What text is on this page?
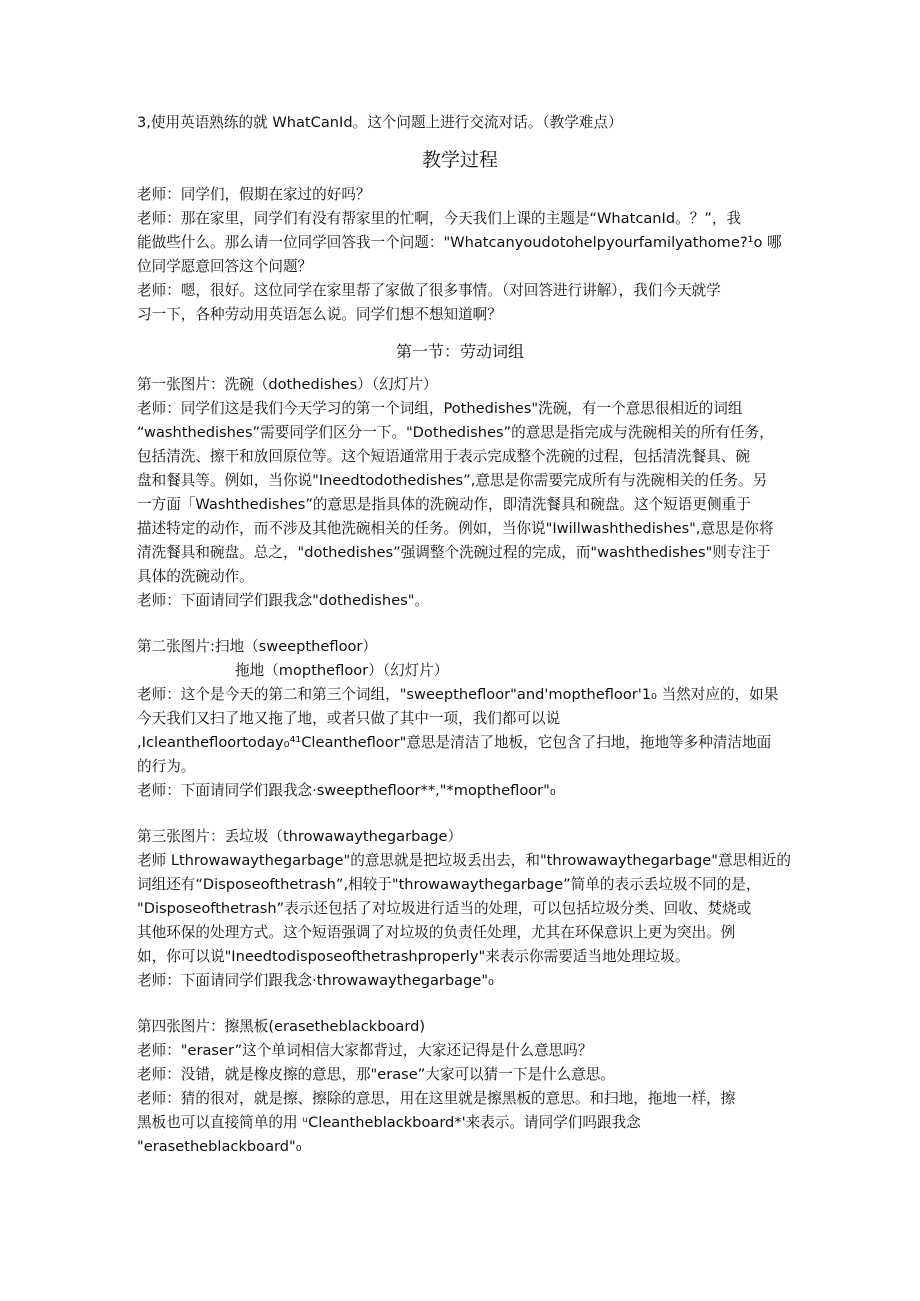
3,使用英语熟练的就 WhatCanId。这个问题上进行交流对话。（教学难点）
教学过程
老师：同学们，假期在家过的好吗？
老师：那在家里，同学们有没有帮家里的忙啊，今天我们上课的主题是“WhatcanId。？”，我
能做些什么。那么请一位同学回答我一个问题："Whatcanyoudotohelpyourfamilyathome?¹o 哪
位同学愿意回答这个问题？
老师：嗯，很好。这位同学在家里帮了家做了很多事情。（对回答进行讲解），我们今天就学
习一下，各种劳动用英语怎么说。同学们想不想知道啊？
第一节：劳动词组
第一张图片：洗碗（dothedishes）（幻灯片）
老师：同学们这是我们今天学习的第一个词组，Pothedishes"洗碗，有一个意思很相近的词组
“washthedishes”需要同学们区分一下。"Dothedishes”的意思是指完成与洗碗相关的所有任务，
包括清洗、擦干和放回原位等。这个短语通常用于表示完成整个洗碗的过程，包括清洗餐具、碗
盘和餐具等。例如，当你说"Ineedtodothedishes”,意思是你需要完成所有与洗碗相关的任务。另
一方面「Washthedishes”的意思是指具体的洗碗动作，即清洗餐具和碗盘。这个短语更侧重于
描述特定的动作，而不涉及其他洗碗相关的任务。例如，当你说"Iwillwashthedishes",意思是你将
清洗餐具和碗盘。总之，"dothedishes”强调整个洗碗过程的完成，而"washthedishes"则专注于
具体的洗碗动作。
老师：下面请同学们跟我念"dothedishes"。
第二张图片:扫地（sweepthefloor）
拖地（mopthefloor）（幻灯片）
老师：这个是今天的第二和第三个词组，"sweepthefloor"and'mopthefloor'1₀ 当然对应的，如果
今天我们又扫了地又拖了地，或者只做了其中一项，我们都可以说
,Icleanthefloortoday₀⁴¹Cleanthefloor"意思是清洁了地板，它包含了扫地，拖地等多种清洁地面
的行为。
老师：下面请同学们跟我念·sweepthefloor**,"*mopthefloor"₀
第三张图片：丢垃圾（throwawaythegarbage）
老师 Lthrowawaythegarbage"的意思就是把垃圾丢出去，和"throwawaythegarbage"意思相近的
词组还有“Disposeofthetrash”,相较于"throwawaythegarbage”简单的表示丢垃圾不同的是，
"Disposeofthetrash”表示还包括了对垃圾进行适当的处理，可以包括垃圾分类、回收、焚烧或
其他环保的处理方式。这个短语强调了对垃圾的负责任处理，尤其在环保意识上更为突出。例
如，你可以说"Ineedtodisposeofthetrashproperly"来表示你需要适当地处理垃圾。
老师：下面请同学们跟我念·throwawaythegarbage"₀
第四张图片：擦黑板(erasetheblackboard)
老师："eraser”这个单词相信大家都背过，大家还记得是什么意思吗？
老师：没错，就是橡皮擦的意思，那"erase”大家可以猜一下是什么意思。
老师：猜的很对，就是擦、擦除的意思，用在这里就是擦黑板的意思。和扫地，拖地一样，擦
黑板也可以直接简单的用 ᵘCleantheblackboard*'来表示。请同学们吗跟我念
"erasetheblackboard"₀
